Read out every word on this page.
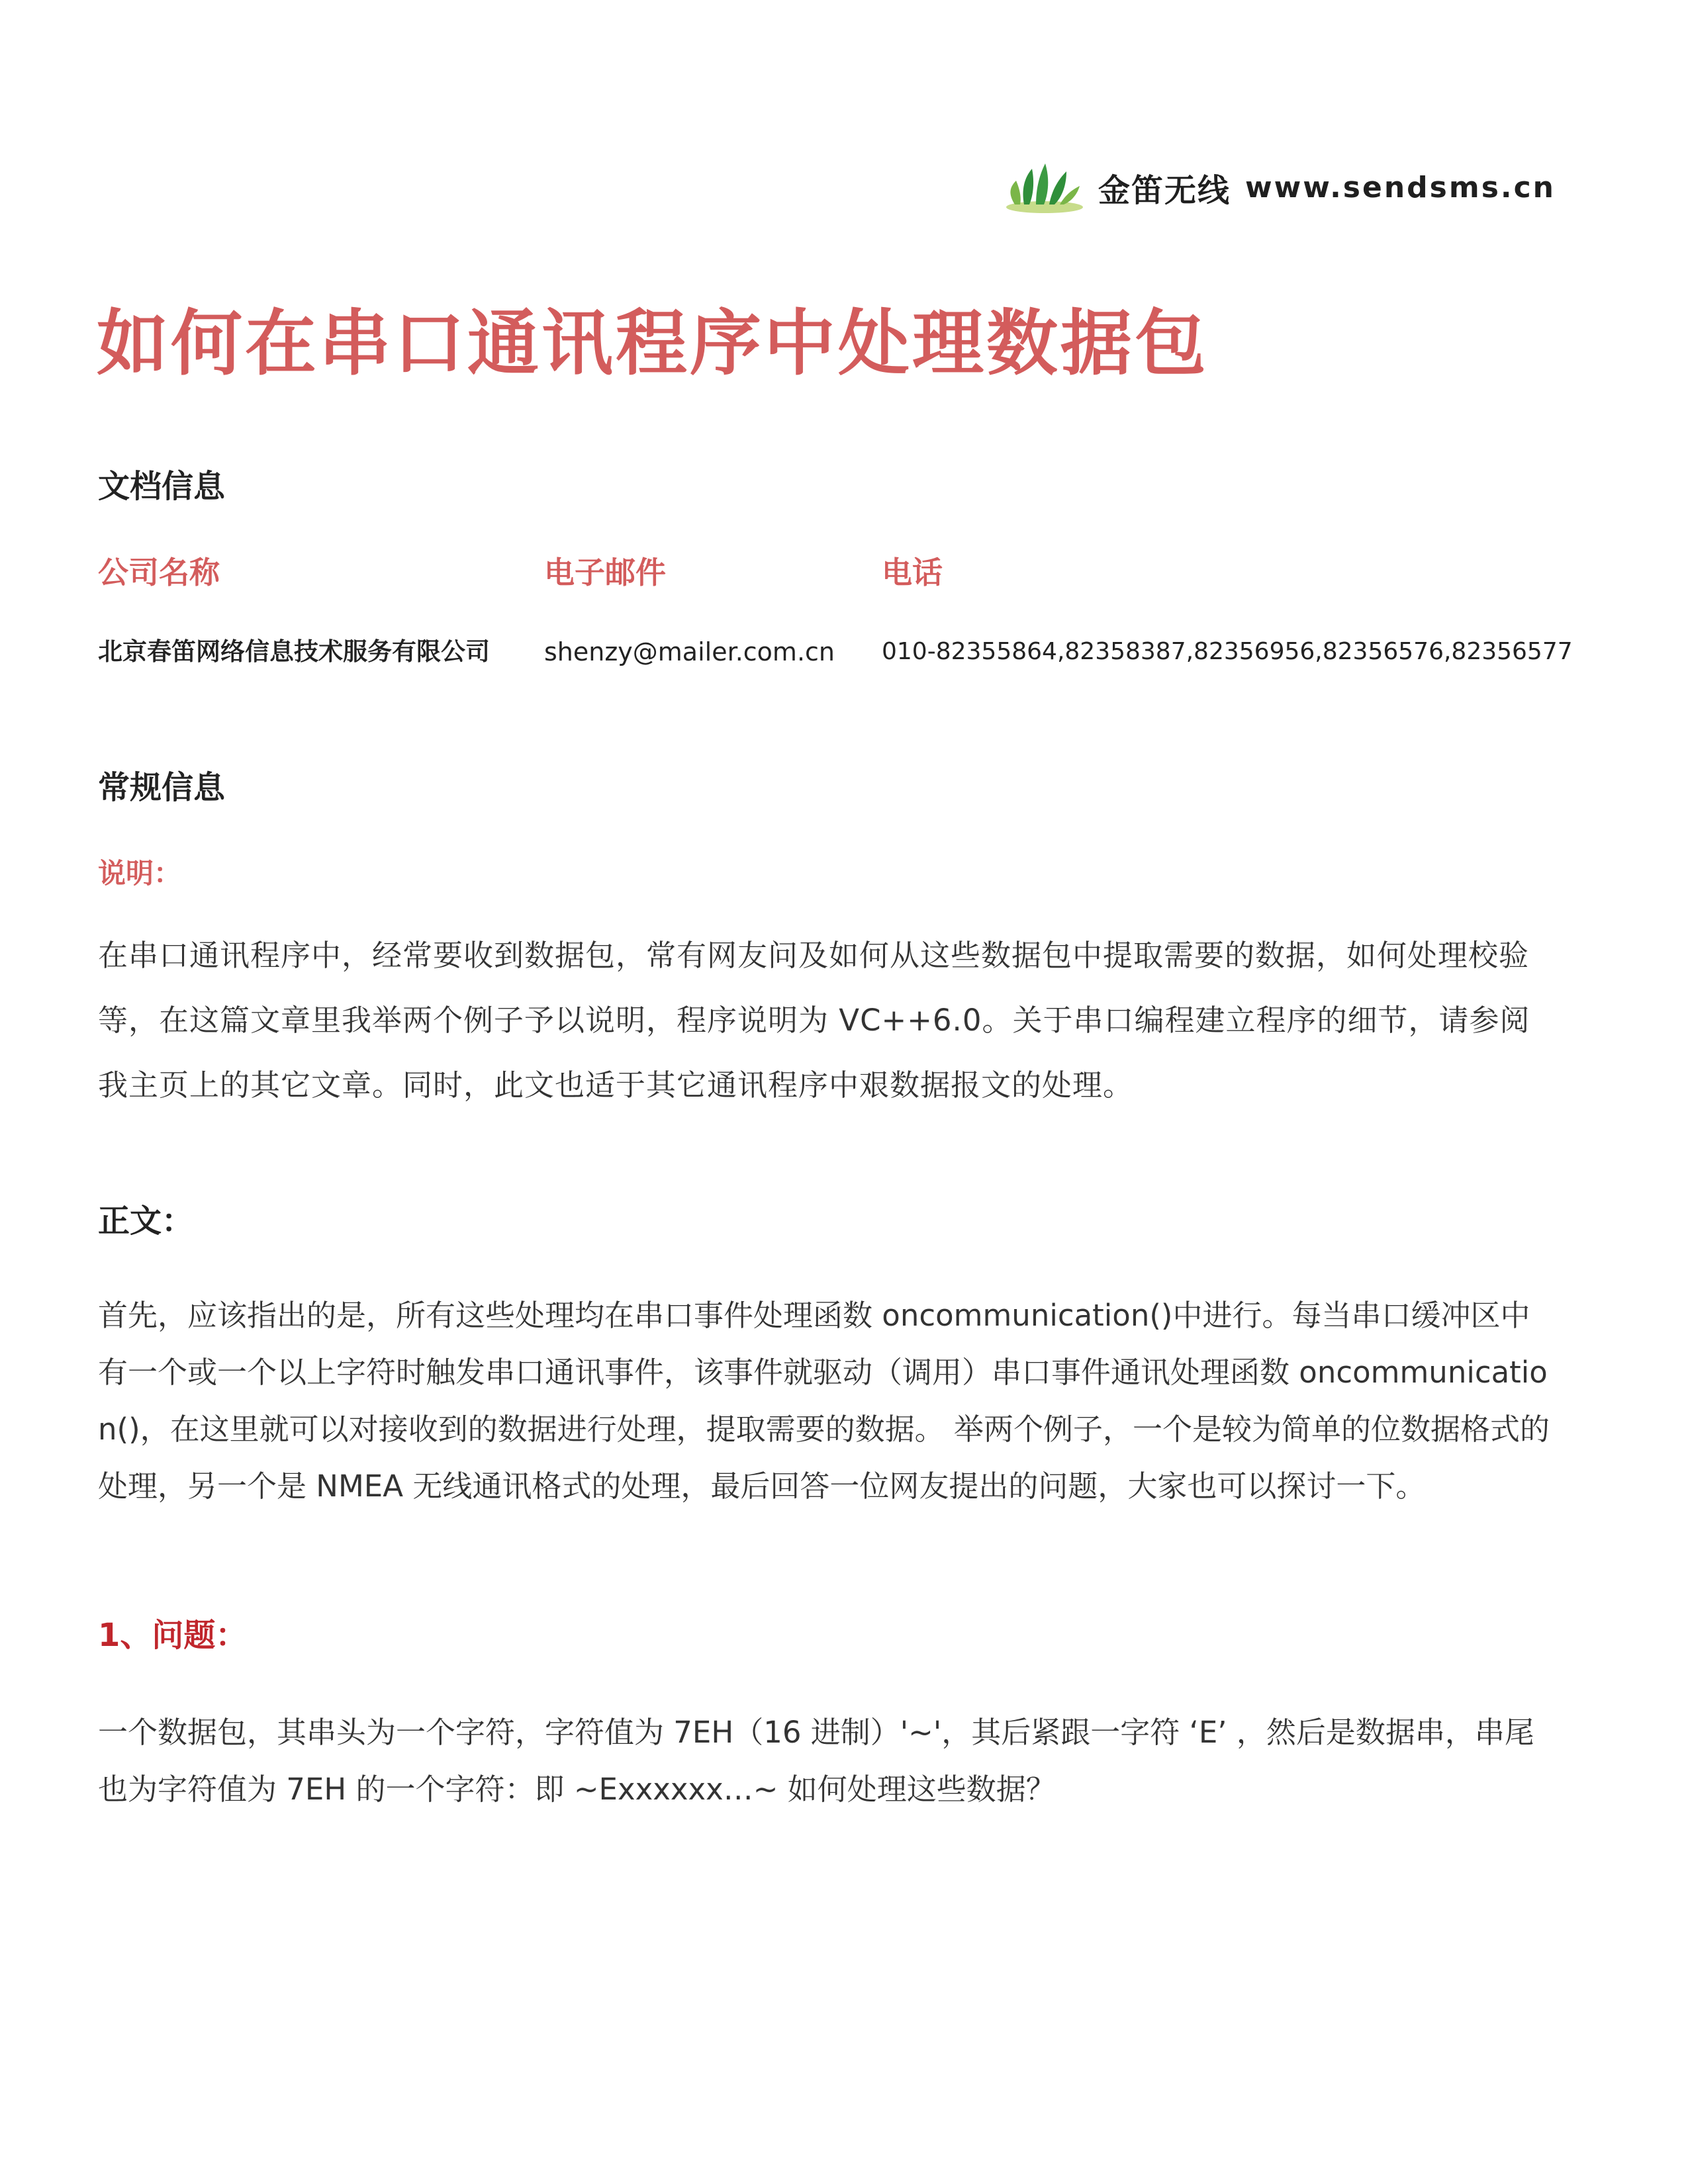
金笛无线 www.sendsms.cn
如何在串口通讯程序中处理数据包
文档信息
公司名称	电子邮件	电话
北京春笛网络信息技术服务有限公司 shenzy@mailer.com.cn 010-82355864,82358387,82356956,82356576,82356577
常规信息
说明：

在串口通讯程序中，经常要收到数据包，常有网友问及如何从这些数据包中提取需要的数据，如何处理校验等，在这篇文章里我举两个例子予以说明，程序说明为 VC++6.0。关于串口编程建立程序的细节，请参阅我主页上的其它文章。同时，此文也适于其它通讯程序中艰数据报文的处理。

正文：

首先，应该指出的是，所有这些处理均在串口事件处理函数 oncommunication()中进行。每当串口缓冲区中有一个或一个以上字符时触发串口通讯事件，该事件就驱动（调用）串口事件通讯处理函数 oncommunication()，在这里就可以对接收到的数据进行处理，提取需要的数据。 举两个例子，一个是较为简单的位数据格式的处理，另一个是 NMEA 无线通讯格式的处理，最后回答一位网友提出的问题，大家也可以探讨一下。

1、问题：

一个数据包，其串头为一个字符，字符值为 7EH（16 进制）'~'，其后紧跟一字符 ‘E’ ，然后是数据串，串尾也为字符值为 7EH 的一个字符：即 ~Exxxxxx…~ 如何处理这些数据？
